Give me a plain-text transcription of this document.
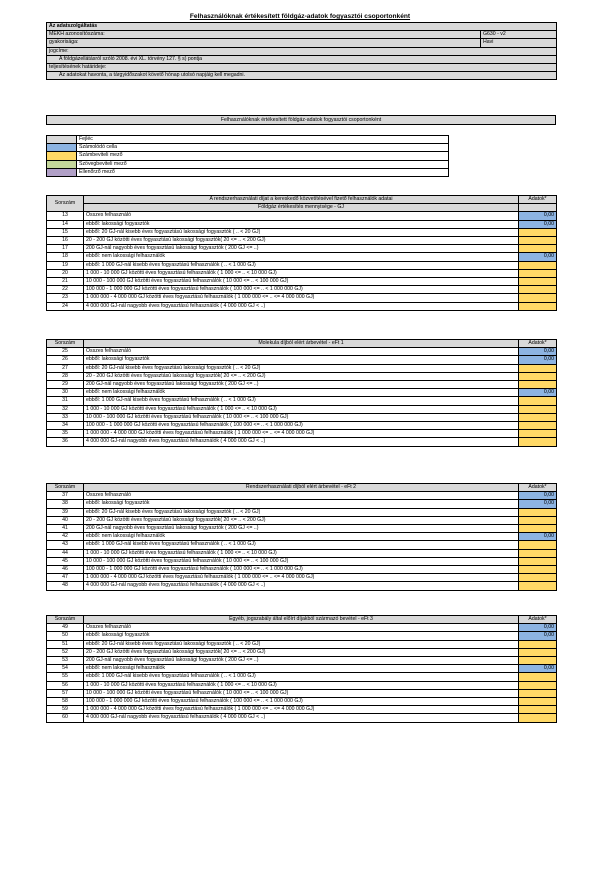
Felhasználóknak értékesített földgáz-adatok fogyasztói csoportonként
Az adatszolgáltatás	
MEKH azonosítószáma:	G630 - v2
gyakorisága:	Havi
jogcíme:	
A földgázellátásról szóló 2008. évi XL. törvény 127. § s) pontja	
teljesítésének határideje:	
Az adatokat havonta, a tárgyidőszakot követő hónap utolsó napjáig kell megadni.	
Felhasználóknak értékesített földgáz-adatok fogyasztói csoportonként
	Fejléc
	Számolódó cella
	Számbeviteli mező
	Szövegbeviteli mező
	Ellenőrző mező
Sorszám	A rendszerhasználati díjat a kereskedő közvetítésével fizető felhasználók adatai	Adatok*
	Földgáz értékesítés mennyisége - GJ	
13	Összes felhasználó	0,00
14	ebből: lakossági fogyasztók	0,00
15	ebből: 20 GJ-nál kisebb éves fogyasztású lakossági fogyasztók ( .. < 20 GJ)	
16	20 - 200 GJ közötti éves fogyasztású lakossági fogyasztók( 20 <= .. < 200 GJ)	
17	200 GJ-nál nagyobb éves fogyasztású lakossági fogyasztók ( 200 GJ <= ..)	
18	ebből: nem lakossági felhasználók	0,00
19	ebből: 1 000 GJ-nál kisebb éves fogyasztású felhasználók ( .. < 1 000 GJ)	
20	1 000 - 10 000 GJ közötti éves fogyasztású felhasználók ( 1 000 <= .. < 10 000 GJ)	
21	10 000 - 100 000 GJ közötti éves fogyasztású felhasználók ( 10 000 <= .. < 100 000 GJ)	
22	100 000 - 1 000 000 GJ közötti éves fogyasztású felhasználók ( 100 000 <= .. < 1 000 000 GJ)	
23	1 000 000 - 4 000 000 GJ közötti éves fogyasztású felhasználók ( 1 000 000 <= .. <= 4 000 000 GJ)	
24	4 000 000 GJ-nál nagyobb éves fogyasztású felhasználók ( 4 000 000 GJ < ..)	
Sorszám	Molekula díjból elért árbevétel - eFt 1	Adatok*
25	Összes felhasználó	0,00
26	ebből: lakossági fogyasztók	0,00
27	ebből: 20 GJ-nál kisebb éves fogyasztású lakossági fogyasztók ( .. < 20 GJ)	
28	20 - 200 GJ közötti éves fogyasztású lakossági fogyasztók( 20 <= .. < 200 GJ)	
29	200 GJ-nál nagyobb éves fogyasztású lakossági fogyasztók ( 200 GJ <= ..)	
30	ebből: nem lakossági felhasználók	0,00
31	ebből: 1 000 GJ-nál kisebb éves fogyasztású felhasználók ( .. < 1 000 GJ)	
32	1 000 - 10 000 GJ közötti éves fogyasztású felhasználók ( 1 000 <= .. < 10 000 GJ)	
33	10 000 - 100 000 GJ közötti éves fogyasztású felhasználók ( 10 000 <= .. < 100 000 GJ)	
34	100 000 - 1 000 000 GJ közötti éves fogyasztású felhasználók ( 100 000 <= .. < 1 000 000 GJ)	
35	1 000 000 - 4 000 000 GJ közötti éves fogyasztású felhasználók ( 1 000 000 <= .. <= 4 000 000 GJ)	
36	4 000 000 GJ-nál nagyobb éves fogyasztású felhasználók ( 4 000 000 GJ < ..)	
Sorszám	Rendszerhasználati díjból elért árbevétel - eFt 2	Adatok*
37	Összes felhasználó	0,00
38	ebből: lakossági fogyasztók	0,00
39	ebből: 20 GJ-nál kisebb éves fogyasztású lakossági fogyasztók ( .. < 20 GJ)	
40	20 - 200 GJ közötti éves fogyasztású lakossági fogyasztók( 20 <= .. < 200 GJ)	
41	200 GJ-nál nagyobb éves fogyasztású lakossági fogyasztók ( 200 GJ <= ..)	
42	ebből: nem lakossági felhasználók	0,00
43	ebből: 1 000 GJ-nál kisebb éves fogyasztású felhasználók ( .. < 1 000 GJ)	
44	1 000 - 10 000 GJ közötti éves fogyasztású felhasználók ( 1 000 <= .. < 10 000 GJ)	
45	10 000 - 100 000 GJ közötti éves fogyasztású felhasználók ( 10 000 <= .. < 100 000 GJ)	
46	100 000 - 1 000 000 GJ közötti éves fogyasztású felhasználók ( 100 000 <= .. < 1 000 000 GJ)	
47	1 000 000 - 4 000 000 GJ közötti éves fogyasztású felhasználók ( 1 000 000 <= .. <= 4 000 000 GJ)	
48	4 000 000 GJ-nál nagyobb éves fogyasztású felhasználók ( 4 000 000 GJ < ..)	
Sorszám	Egyéb, jogszabály által előírt díjakból származó bevétel - eFt 3	Adatok*
49	Összes felhasználó	0,00
50	ebből: lakossági fogyasztók	0,00
51	ebből: 20 GJ-nál kisebb éves fogyasztású lakossági fogyasztók ( .. < 20 GJ)	
52	20 - 200 GJ közötti éves fogyasztású lakossági fogyasztók( 20 <= .. < 200 GJ)	
53	200 GJ-nál nagyobb éves fogyasztású lakossági fogyasztók ( 200 GJ <= ..)	
54	ebből: nem lakossági felhasználók	0,00
55	ebből: 1 000 GJ-nál kisebb éves fogyasztású felhasználók ( .. < 1 000 GJ)	
56	1 000 - 10 000 GJ közötti éves fogyasztású felhasználók ( 1 000 <= .. < 10 000 GJ)	
57	10 000 - 100 000 GJ közötti éves fogyasztású felhasználók ( 10 000 <= .. < 100 000 GJ)	
58	100 000 - 1 000 000 GJ közötti éves fogyasztású felhasználók ( 100 000 <= .. < 1 000 000 GJ)	
59	1 000 000 - 4 000 000 GJ közötti éves fogyasztású felhasználók ( 1 000 000 <= .. <= 4 000 000 GJ)	
60	4 000 000 GJ-nál nagyobb éves fogyasztású felhasználók ( 4 000 000 GJ < ..)	
